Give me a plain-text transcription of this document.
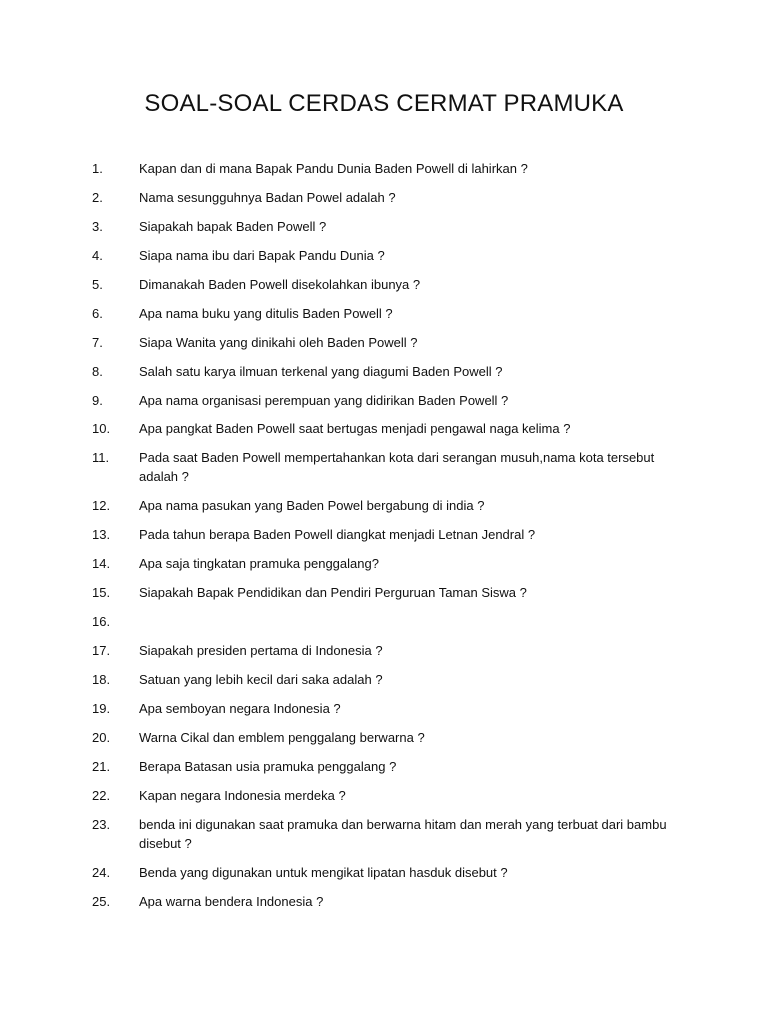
SOAL-SOAL CERDAS CERMAT PRAMUKA
1.	Kapan dan di mana Bapak Pandu Dunia Baden Powell di lahirkan ?
2.	Nama sesungguhnya Badan Powel adalah ?
3.	Siapakah bapak Baden Powell ?
4.	Siapa nama ibu dari Bapak Pandu Dunia ?
5.	Dimanakah Baden Powell disekolahkan ibunya ?
6.	Apa nama buku yang ditulis Baden Powell ?
7.	Siapa Wanita yang dinikahi oleh Baden Powell ?
8.	Salah satu karya ilmuan terkenal yang diagumi Baden Powell ?
9.	Apa nama organisasi perempuan yang didirikan Baden Powell ?
10.	Apa pangkat Baden Powell saat bertugas menjadi pengawal naga kelima ?
11.	Pada saat Baden Powell mempertahankan kota dari serangan musuh,nama kota tersebut adalah ?
12.	Apa nama pasukan yang Baden Powel bergabung di india ?
13.	Pada tahun berapa Baden Powell diangkat menjadi Letnan Jendral ?
14.	Apa saja tingkatan pramuka penggalang?
15.	Siapakah Bapak Pendidikan dan Pendiri Perguruan Taman Siswa ?
16.
17.	Siapakah presiden pertama di Indonesia ?
18.	Satuan yang lebih kecil dari saka adalah ?
19.	Apa semboyan negara Indonesia ?
20.	Warna Cikal dan emblem penggalang berwarna ?
21.	Berapa Batasan usia pramuka penggalang ?
22.	Kapan negara Indonesia merdeka ?
23.	benda ini digunakan saat pramuka dan berwarna hitam dan merah yang terbuat dari bambu disebut ?
24.	Benda yang digunakan untuk mengikat lipatan hasduk disebut ?
25.	Apa warna bendera Indonesia ?
